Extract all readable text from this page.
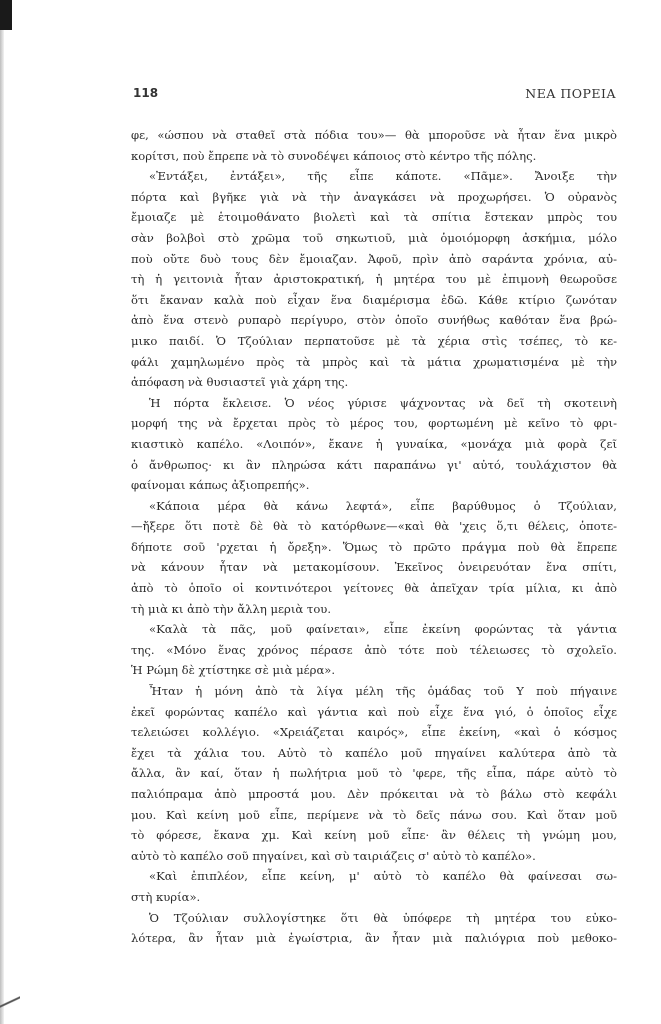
118	ΝΕΑ ΠΟΡΕΙΑ

φε, «ώσπου νὰ σταθεῖ στὰ πόδια του»— θὰ μποροῦσε νὰ ἦταν ἕνα μικρὸ

κορίτσι, ποὺ ἔπρεπε νὰ τὸ συνοδέψει κάποιος στὸ κέντρο τῆς πόλης.

«Ἐντάξει, ἐντάξει», τῆς εἶπε κάποτε. «Πᾶμε». Ἄνοιξε τὴν

πόρτα καὶ βγῆκε γιὰ νὰ τὴν ἀναγκάσει νὰ προχωρήσει. Ὁ οὐρανὸς

ἔμοιαζε μὲ ἑτοιμοθάνατο βιολετὶ καὶ τὰ σπίτια ἔστεκαν μπρὸς του

σὰν βολβοὶ στὸ χρῶμα τοῦ σηκωτιοῦ, μιὰ ὁμοιόμορφη ἀσκήμια, μόλο

ποὺ οὔτε δυὸ τους δὲν ἔμοιαζαν. Ἀφοῦ, πρὶν ἀπὸ σαράντα χρόνια, αὐ-

τὴ ἡ γειτονιὰ ἦταν ἀριστοκρατική, ἡ μητέρα του μὲ ἐπιμονὴ θεωροῦσε

ὅτι ἔκαναν καλὰ ποὺ εἶχαν ἕνα διαμέρισμα ἐδῶ. Κάθε κτίριο ζωνόταν

ἀπὸ ἕνα στενὸ ρυπαρὸ περίγυρο, στὸν ὁποῖο συνήθως καθόταν ἕνα βρώ-

μικο παιδί. Ὁ Τζούλιαν περπατοῦσε μὲ τὰ χέρια στὶς τσέπες, τὸ κε-

φάλι χαμηλωμένο πρὸς τὰ μπρὸς καὶ τὰ μάτια χρωματισμένα μὲ τὴν

ἀπόφαση νὰ θυσιαστεῖ γιὰ χάρη της.

Ἡ πόρτα ἔκλεισε. Ὁ νέος γύρισε ψάχνοντας νὰ δεῖ τὴ σκοτεινὴ

μορφή της νὰ ἔρχεται πρὸς τὸ μέρος του, φορτωμένη μὲ κεῖνο τὸ φρι-

κιαστικὸ καπέλο. «Λοιπόν», ἔκανε ἡ γυναίκα, «μονάχα μιὰ φορὰ ζεῖ

ὁ ἄνθρωπος· κι ἂν πληρώσα κάτι παραπάνω γι' αὐτό, τουλάχιστον θὰ

φαίνομαι κάπως ἀξιοπρεπής».

«Κάποια μέρα θὰ κάνω λεφτά», εἶπε βαρύθυμος ὁ Τζούλιαν,

—ἤξερε ὅτι ποτὲ δὲ θὰ τὸ κατόρθωνε—«καὶ θὰ 'χεις ὅ,τι θέλεις, ὁποτε-

δήποτε σοῦ 'ρχεται ἡ ὄρεξη». Ὅμως τὸ πρῶτο πράγμα ποὺ θὰ ἔπρεπε

νὰ κάνουν ἦταν νὰ μετακομίσουν. Ἐκεῖνος ὀνειρευόταν ἕνα σπίτι,

ἀπὸ τὸ ὁποῖο οἱ κοντινότεροι γείτονες θὰ ἀπεῖχαν τρία μίλια, κι ἀπὸ

τὴ μιὰ κι ἀπὸ τὴν ἄλλη μεριὰ του.

«Καλὰ τὰ πᾶς, μοῦ φαίνεται», εἶπε ἐκείνη φορώντας τὰ γάντια

της. «Μόνο ἕνας χρόνος πέρασε ἀπὸ τότε ποὺ τέλειωσες τὸ σχολεῖο.

Ἡ Ρώμη δὲ χτίστηκε σὲ μιὰ μέρα».

Ἦταν ἡ μόνη ἀπὸ τὰ λίγα μέλη τῆς ὁμάδας τοῦ Υ ποὺ πήγαινε

ἐκεῖ φορώντας καπέλο καὶ γάντια καὶ ποὺ εἶχε ἕνα γιό, ὁ ὁποῖος εἶχε

τελειώσει κολλέγιο. «Χρειάζεται καιρός», εἶπε ἐκείνη, «καὶ ὁ κόσμος

ἔχει τὰ χάλια του. Αὐτὸ τὸ καπέλο μοῦ πηγαίνει καλύτερα ἀπὸ τὰ

ἄλλα, ἂν καί, ὅταν ἡ πωλήτρια μοῦ τὸ 'φερε, τῆς εἶπα, πάρε αὐτὸ τὸ

παλιόπραμα ἀπὸ μπροστά μου. Δὲν πρόκειται νὰ τὸ βάλω στὸ κεφάλι

μου. Καὶ κείνη μοῦ εἶπε, περίμενε νὰ τὸ δεῖς πάνω σου. Καὶ ὅταν μοῦ

τὸ φόρεσε, ἔκανα χμ. Καὶ κείνη μοῦ εἶπε· ἂν θέλεις τὴ γνώμη μου,

αὐτὸ τὸ καπέλο σοῦ πηγαίνει, καὶ σὺ ταιριάζεις σ' αὐτὸ τὸ καπέλο».

«Καὶ ἐπιπλέον, εἶπε κείνη, μ' αὐτὸ τὸ καπέλο θὰ φαίνεσαι σω-

στὴ κυρία».

Ὁ Τζούλιαν συλλογίστηκε ὅτι θὰ ὑπόφερε τὴ μητέρα του εὐκο-

λότερα, ἂν ἦταν μιὰ ἐγωίστρια, ἂν ἦταν μιὰ παλιόγρια ποὺ μεθοκο-
